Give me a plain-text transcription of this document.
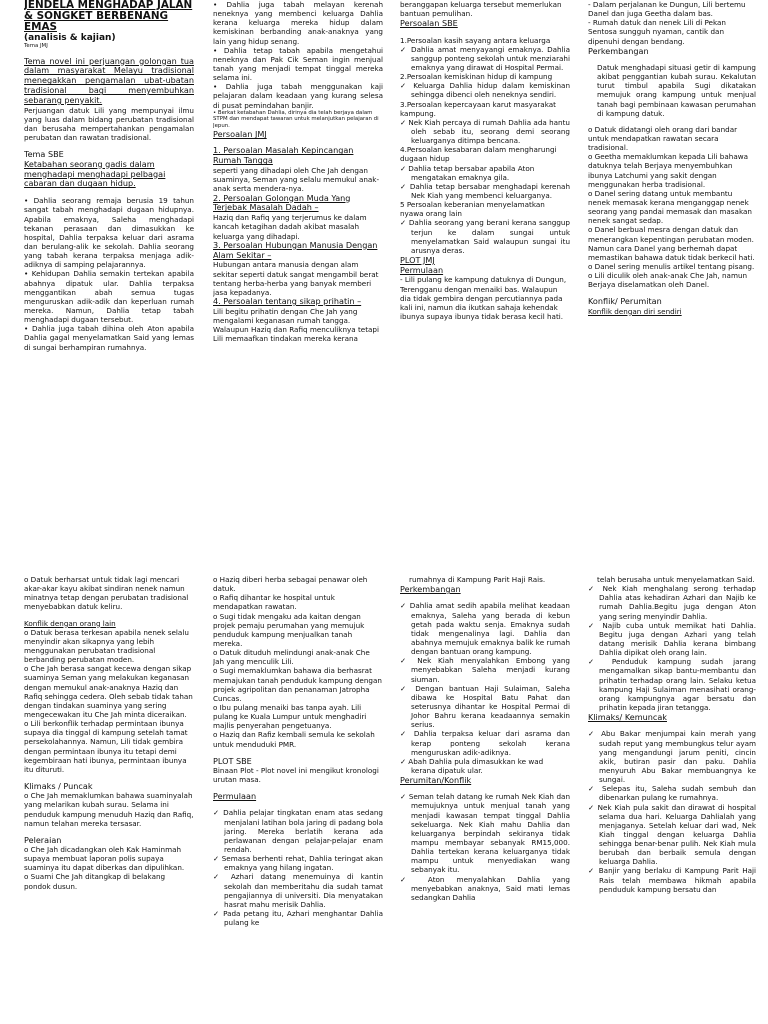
JENDELA MENGHADAP JALAN & SONGKET BERBENANG EMAS

(analisis & kajian)

Tema JMJ

Tema novel ini perjuangan golongan tua dalam masyarakat Melayu tradisional menegakkan pengamalan ubat-ubatan tradisional bagi menyembuhkan sebarang penyakit.

Perjuangan datuk Lili yang mempunyai ilmu yang luas dalam bidang perubatan tradisional dan berusaha mempertahankan pengamalan perubatan dan rawatan tradisional.

Tema SBE

Ketabahan seorang gadis dalam menghadapi menghadapi pelbagai cabaran dan dugaan hidup.

• Dahlia seorang remaja berusia 19 tahun sangat tabah menghadapi dugaan hidupnya. Apabila emaknya, Saleha menghadapi tekanan perasaan dan dimasukkan ke hospital, Dahlia terpaksa keluar dari asrama dan berulang-alik ke sekolah. Dahlia seorang yang tabah kerana terpaksa menjaga adik-adiknya di samping pelajarannya.

• Kehidupan Dahlia semakin tertekan apabila abahnya dipatuk ular. Dahlia terpaksa menggantikan abah semua tugas menguruskan adik-adik dan keperluan rumah mereka. Namun, Dahlia tetap tabah menghadapi dugaan tersebut.

• Dahlia juga tabah dihina oleh Aton apabila Dahlia gagal menyelamatkan Said yang lemas di sungai berhampiran rumahnya.

• Dahlia juga tabah melayan kerenah neneknya yang membenci keluarga Dahlia kerana keluarga mereka hidup dalam kemiskinan berbanding anak-anaknya yang lain yang hidup senang.

• Dahlia tetap tabah apabila mengetahui neneknya dan Pak Cik Seman ingin menjual tanah yang menjadi tempat tinggal mereka selama ini.

• Dahlia juga tabah menggunakan kaji pelajaran dalam keadaan yang kurang selesa di pusat pemindahan banjir.

• Berkat ketabahan Dahlia, dirinya dia telah berjaya dalam STPM dan mendapat tawaran untuk melanjutkan pelajaran di Jepun.

Persoalan JMJ

1. Persoalan Masalah Kepincangan Rumah Tangga

seperti yang dihadapi oleh Che Jah dengan suaminya, Seman yang selalu memukul anak-anak serta mendera-nya.

2. Persoalan Golongan Muda Yang Terjebak Masalah Dadah –

Haziq dan Rafiq yang terjerumus ke dalam kancah ketagihan dadah akibat masalah keluarga yang dihadapi.

3. Persoalan Hubungan Manusia Dengan Alam Sekitar –

Hubungan antara manusia dengan alam sekitar seperti datuk sangat mengambil berat tentang herba-herba yang banyak memberi jasa kepadanya.

4. Persoalan tentang sikap prihatin –

Lili begitu prihatin dengan Che Jah yang mengalami keganasan rumah tangga. Walaupun Haziq dan Rafiq menculiknya tetapi Lili memaafkan tindakan mereka kerana

beranggapan keluarga tersebut memerlukan bantuan pemulihan.

Persoalan SBE

1.Persoalan kasih sayang antara keluarga

✓ Dahlia amat menyayangi emaknya. Dahlia sanggup ponteng sekolah untuk menziarahi emaknya yang dirawat di Hospital Permai.

2.Persoalan kemiskinan hidup di kampung

✓ Keluarga Dahlia hidup dalam kemiskinan sehingga dibenci oleh neneknya sendiri.

3.Persoalan kepercayaan karut masyarakat kampung.

✓ Nek Kiah percaya di rumah Dahlia ada hantu oleh sebab itu, seorang demi seorang keluarganya ditimpa bencana.

4.Persoalan kesabaran dalam mengharungi dugaan hidup

✓ Dahlia tetap bersabar apabila Aton mengatakan emaknya gila.

✓ Dahlia tetap bersabar menghadapi kerenah Nek Kiah yang membenci keluarganya.

5 Persoalan keberanian menyelamatkan nyawa orang lain

✓ Dahlia seorang yang berani kerana sanggup terjun ke dalam sungai untuk menyelamatkan Said walaupun sungai itu arusnya deras.

PLOT JMJ

Permulaan

- Lili pulang ke kampung datuknya di Dungun, Terengganu dengan menaiki bas. Walaupun dia tidak gembira dengan percutiannya pada kali ini, namun dia ikutkan sahaja kehendak ibunya supaya ibunya tidak berasa kecil hati.

- Dalam perjalanan ke Dungun, Lili bertemu Danel dan juga Geetha dalam bas.

- Rumah datuk dan nenek Lili di Pekan Sentosa sungguh nyaman, cantik dan dipenuhi dengan bendang.

Perkembangan

Datuk menghadapi situasi getir di kampung akibat penggantian kubah surau. Kekalutan turut timbul apabila Sugi dikatakan memujuk orang kampung untuk menjual tanah bagi pembinaan kawasan perumahan di kampung datuk.

o Datuk didatangi oleh orang dari bandar untuk mendapatkan rawatan secara tradisional.

o Geetha memaklumkan kepada Lili bahawa datuknya telah Berjaya menyembuhkan ibunya Latchumi yang sakit dengan menggunakan herba tradisional.

o Danel sering datang untuk membantu nenek memasak kerana menganggap nenek seorang yang pandai memasak dan masakan nenek sangat sedap.

o Danel berbual mesra dengan datuk dan menerangkan kepentingan perubatan moden. Namun cara Danel yang berhemah dapat memastikan bahawa datuk tidak berkecil hati.

o Danel sering menulis artikel tentang pisang.

o Lili diculik oleh anak-anak Che Jah, namun Berjaya diselamatkan oleh Danel.

Konflik/ Perumitan

Konflik dengan diri sendiri

o Datuk berharsat untuk tidak lagi mencari akar-akar kayu akibat sindiran nenek namun minatnya tetap dengan perubatan tradisional menyebabkan datuk keliru.

Konflik dengan orang lain

o Datuk berasa terkesan apabila nenek selalu menyindir akan sikapnya yang lebih menggunakan perubatan tradisional berbanding perubatan moden.

o Che Jah berasa sangat kecewa dengan sikap suaminya Seman yang melakukan keganasan dengan memukul anak-anaknya Haziq dan Rafiq sehingga cedera. Oleh sebab tidak tahan dengan tindakan suaminya yang sering mengecewakan itu Che Jah minta diceraikan.

o Lili berkonflik terhadap permintaan ibunya supaya dia tinggal di kampung setelah tamat persekolahannya. Namun, Lili tidak gembira dengan permintaan ibunya itu tetapi demi kegembiraan hati ibunya, permintaan ibunya itu dituruti.

Klimaks / Puncak

o Che Jah memaklumkan bahawa suaminyalah yang melarikan kubah surau. Selama ini penduduk kampung menuduh Haziq dan Rafiq, namun telahan mereka tersasar.

Peleraian

o Che Jah dicadangkan oleh Kak Haminmah supaya membuat laporan polis supaya suaminya itu dapat diberkas dan dipulihkan.

o Suami Che Jah ditangkap di belakang pondok dusun.

o Haziq diberi herba sebagai penawar oleh datuk.

o Rafiq dihantar ke hospital untuk mendapatkan rawatan.

o Sugi tidak mengaku ada kaitan dengan projek pemaju perumahan yang memujuk penduduk kampung menjualkan tanah mereka.

o Datuk dituduh melindungi anak-anak Che Jah yang menculik Lili.

o Sugi memaklumkan bahawa dia berhasrat memajukan tanah penduduk kampung dengan projek agripolitan dan penanaman Jatropha Cuncas.

o Ibu pulang menaiki bas tanpa ayah. Lili pulang ke Kuala Lumpur untuk menghadiri majlis penyerahan pengetuanya.

o Haziq dan Rafiz kembali semula ke sekolah untuk menduduki PMR.

PLOT SBE

Binaan Plot - Plot novel ini mengikut kronologi urutan masa.

Permulaan

✓ Dahlia pelajar tingkatan enam atas sedang menjalani latihan bola jaring di padang bola jaring. Mereka berlatih kerana ada perlawanan dengan pelajar-pelajar enam rendah.

✓ Semasa berhenti rehat, Dahlia teringat akan emaknya yang hilang ingatan.

✓ Azhari datang menemuinya di kantin sekolah dan memberitahu dia sudah tamat pengajiannya di universiti. Dia menyatakan hasrat mahu merisik Dahlia.

✓ Pada petang itu, Azhari menghantar Dahlia pulang ke

rumahnya di Kampung Parit Haji Rais.

Perkembangan

✓ Dahlia amat sedih apabila melihat keadaan emaknya, Saleha yang berada di kebun getah pada waktu senja. Emaknya sudah tidak mengenalinya lagi. Dahlia dan abahnya memujuk emaknya balik ke rumah dengan bantuan orang kampung.

✓ Nek Kiah menyalahkan Embong yang menyebabkan Saleha menjadi kurang siuman.

✓ Dengan bantuan Haji Sulaiman, Saleha dibawa ke Hospital Batu Pahat dan seterusnya dihantar ke Hospital Permai di Johor Bahru kerana keadaannya semakin serius.

✓ Dahlia terpaksa keluar dari asrama dan kerap ponteng sekolah kerana menguruskan adik-adiknya.

✓ Abah Dahlia pula dimasukkan ke wad kerana dipatuk ular.

Perumitan/Konflik

✓ Seman telah datang ke rumah Nek Kiah dan memujuknya untuk menjual tanah yang menjadi kawasan tempat tinggal Dahlia sekeluarga. Nek Kiah mahu Dahlia dan keluarganya berpindah sekiranya tidak mampu membayar sebanyak RM15,000. Dahlia tertekan kerana keluarganya tidak mampu untuk menyediakan wang sebanyak itu.

✓ Aton menyalahkan Dahlia yang menyebabkan anaknya, Said mati lemas sedangkan Dahlia

telah berusaha untuk menyelamatkan Said.

✓ Nek Kiah menghalang serong terhadap Dahlia atas kehadiran Azhari dan Najib ke rumah Dahlia.Begitu juga dengan Aton yang sering menyindir Dahlia.

✓ Najib cuba untuk memikat hati Dahlia. Begitu juga dengan Azhari yang telah datang merisik Dahlia kerana bimbang Dahlia dipikat oleh orang lain.

✓ Penduduk kampung sudah jarang mengamalkan sikap bantu-membantu dan prihatin terhadap orang lain. Selaku ketua kampung Haji Sulaiman menasihati orang-orang kampungnya agar bersatu dan prihatin kepada jiran tetangga.

Klimaks/ Kemuncak

✓ Abu Bakar menjumpai kain merah yang sudah reput yang membungkus telur ayam yang mengandungi jarum peniti, cincin akik, butiran pasir dan paku. Dahlia menyuruh Abu Bakar membuangnya ke sungai.

✓ Selepas itu, Saleha sudah sembuh dan dibenarkan pulang ke rumahnya.

✓ Nek Kiah pula sakit dan dirawat di hospital selama dua hari. Keluarga Dahlialah yang menjaganya. Setelah keluar dari wad, Nek Kiah tinggal dengan keluarga Dahlia sehingga benar-benar pulih. Nek Kiah mula berubah dan berbaik semula dengan keluarga Dahlia.

✓ Banjir yang berlaku di Kampung Parit Haji Rais telah membawa hikmah apabila penduduk kampung bersatu dan
